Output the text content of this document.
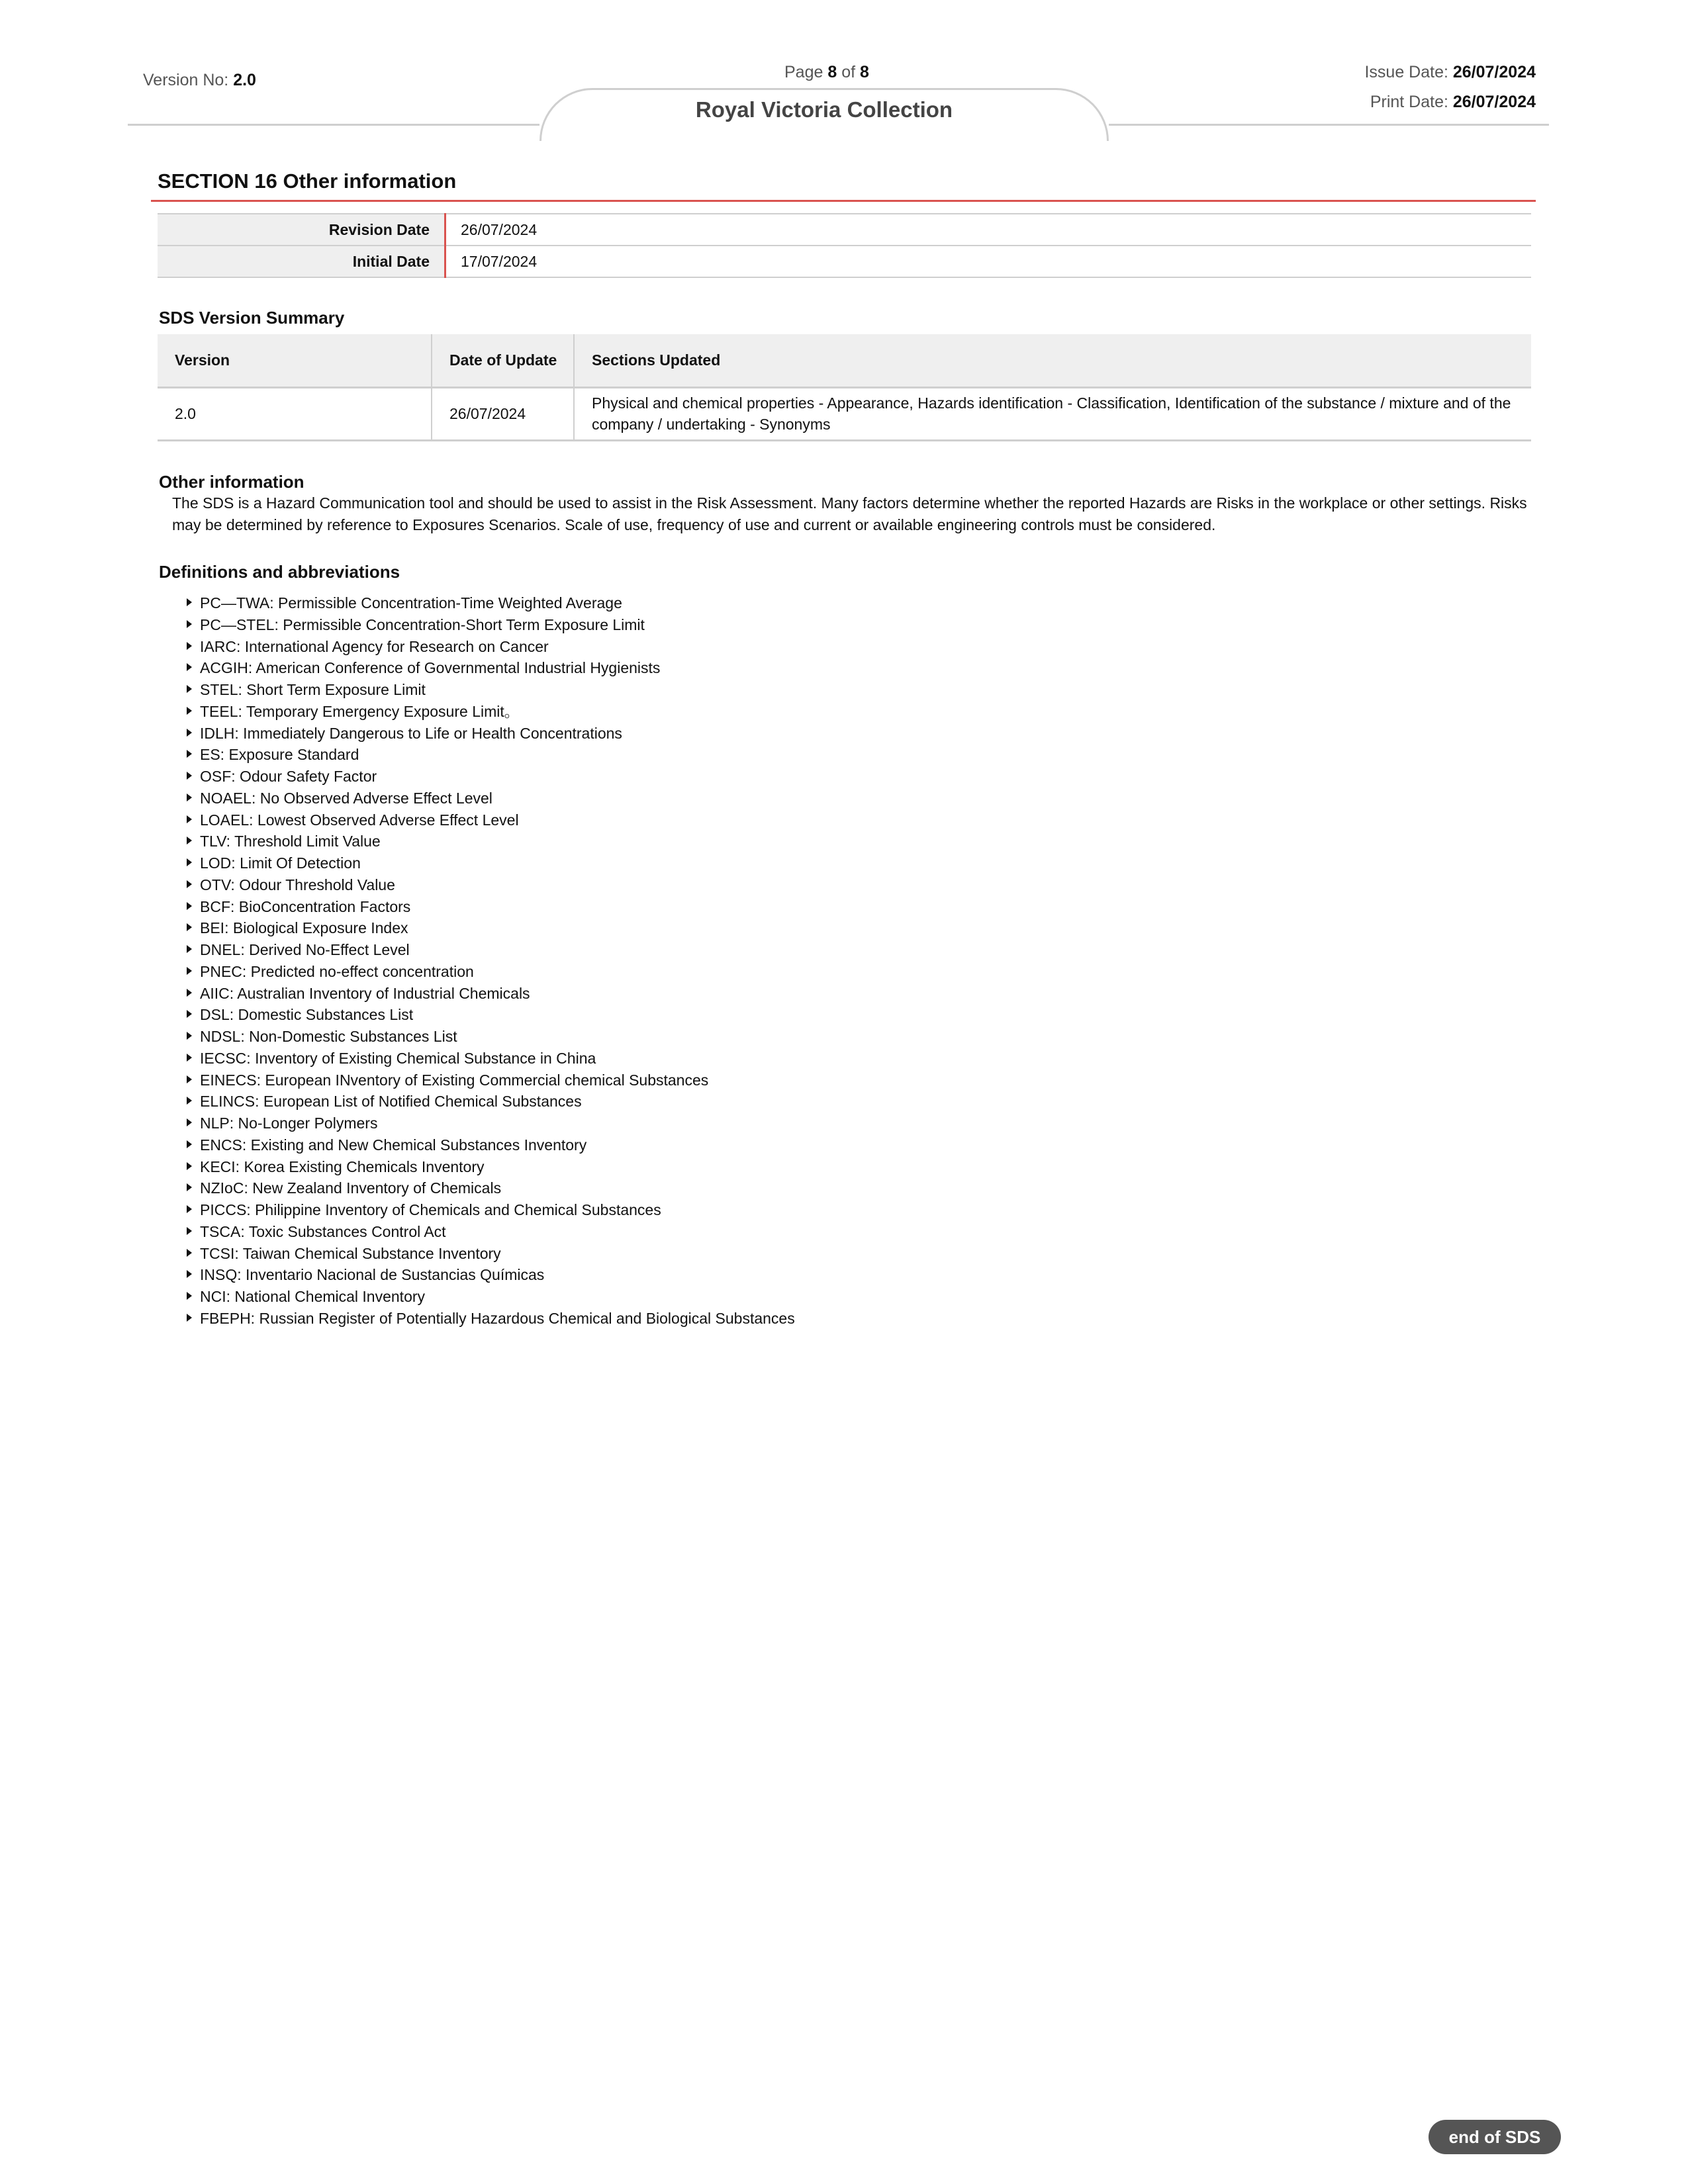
Version No: 2.0	Page 8 of 8	Issue Date: 26/07/2024
Print Date: 26/07/2024
Royal Victoria Collection
SECTION 16 Other information
Revision Date	26/07/2024
Initial Date	17/07/2024
SDS Version Summary
Version	Date of Update	Sections Updated
2.0	26/07/2024	Physical and chemical properties - Appearance, Hazards identification - Classification, Identification of the substance / mixture and of the company / undertaking - Synonyms
Other information
The SDS is a Hazard Communication tool and should be used to assist in the Risk Assessment. Many factors determine whether the reported Hazards are Risks in the workplace or other settings. Risks may be determined by reference to Exposures Scenarios. Scale of use, frequency of use and current or available engineering controls must be considered.
Definitions and abbreviations
PC—TWA: Permissible Concentration-Time Weighted Average
PC—STEL: Permissible Concentration-Short Term Exposure Limit
IARC: International Agency for Research on Cancer
ACGIH: American Conference of Governmental Industrial Hygienists
STEL: Short Term Exposure Limit
TEEL: Temporary Emergency Exposure Limit。
IDLH: Immediately Dangerous to Life or Health Concentrations
ES: Exposure Standard
OSF: Odour Safety Factor
NOAEL: No Observed Adverse Effect Level
LOAEL: Lowest Observed Adverse Effect Level
TLV: Threshold Limit Value
LOD: Limit Of Detection
OTV: Odour Threshold Value
BCF: BioConcentration Factors
BEI: Biological Exposure Index
DNEL: Derived No-Effect Level
PNEC: Predicted no-effect concentration
AIIC: Australian Inventory of Industrial Chemicals
DSL: Domestic Substances List
NDSL: Non-Domestic Substances List
IECSC: Inventory of Existing Chemical Substance in China
EINECS: European INventory of Existing Commercial chemical Substances
ELINCS: European List of Notified Chemical Substances
NLP: No-Longer Polymers
ENCS: Existing and New Chemical Substances Inventory
KECI: Korea Existing Chemicals Inventory
NZIoC: New Zealand Inventory of Chemicals
PICCS: Philippine Inventory of Chemicals and Chemical Substances
TSCA: Toxic Substances Control Act
TCSI: Taiwan Chemical Substance Inventory
INSQ: Inventario Nacional de Sustancias Químicas
NCI: National Chemical Inventory
FBEPH: Russian Register of Potentially Hazardous Chemical and Biological Substances
end of SDS
